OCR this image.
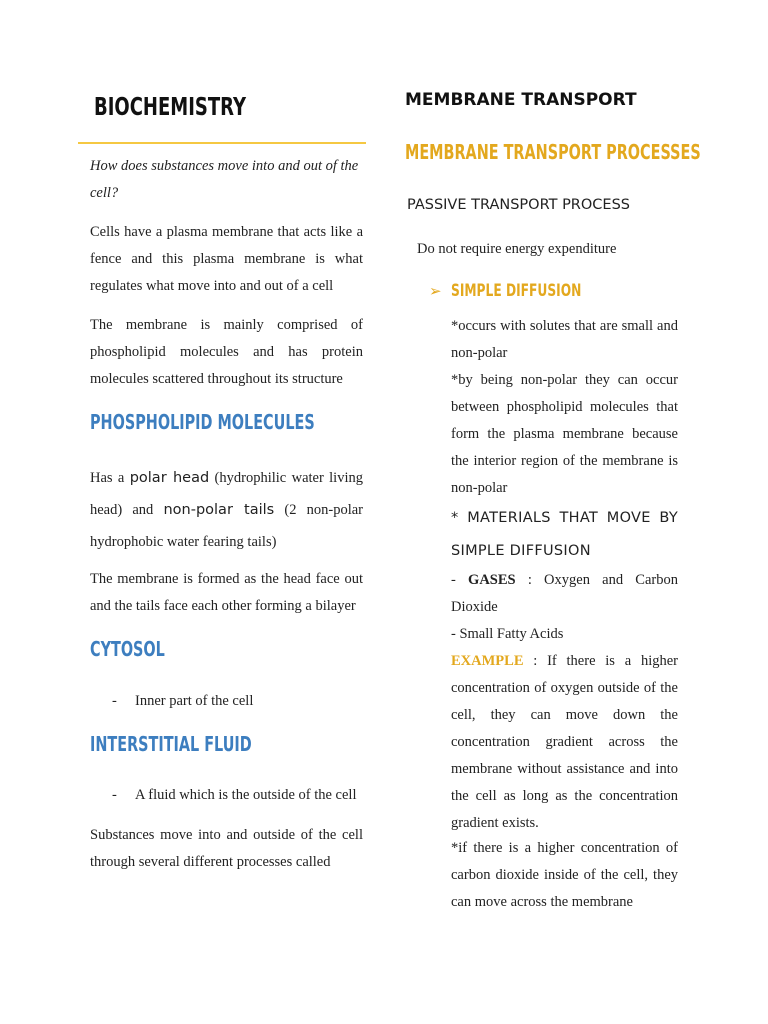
BIOCHEMISTRY

How does substances move into and out of the cell?

Cells have a plasma membrane that acts like a fence and this plasma membrane is what regulates what move into and out of a cell

The membrane is mainly comprised of phospholipid molecules and has protein molecules scattered throughout its structure

PHOSPHOLIPID MOLECULES

Has a polar head (hydrophilic water living head) and non-polar tails (2 non-polar hydrophobic water fearing tails)

The membrane is formed as the head face out and the tails face each other forming a bilayer

CYTOSOL
- Inner part of the cell
INTERSTITIAL FLUID
- A fluid which is the outside of the cell

Substances move into and outside of the cell through several different processes called

MEMBRANE TRANSPORT
MEMBRANE TRANSPORT PROCESSES
PASSIVE TRANSPORT PROCESS
Do not require energy expenditure
➢ SIMPLE DIFFUSION

*occurs with solutes that are small and non-polar

*by being non-polar they can occur between phospholipid molecules that form the plasma membrane because the interior region of the membrane is non-polar

* MATERIALS THAT MOVE BY SIMPLE DIFFUSION

- GASES : Oxygen and Carbon Dioxide

- Small Fatty Acids

EXAMPLE : If there is a higher concentration of oxygen outside of the cell, they can move down the concentration gradient across the membrane without assistance and into the cell as long as the concentration gradient exists.

*if there is a higher concentration of carbon dioxide inside of the cell, they can move across the membrane
